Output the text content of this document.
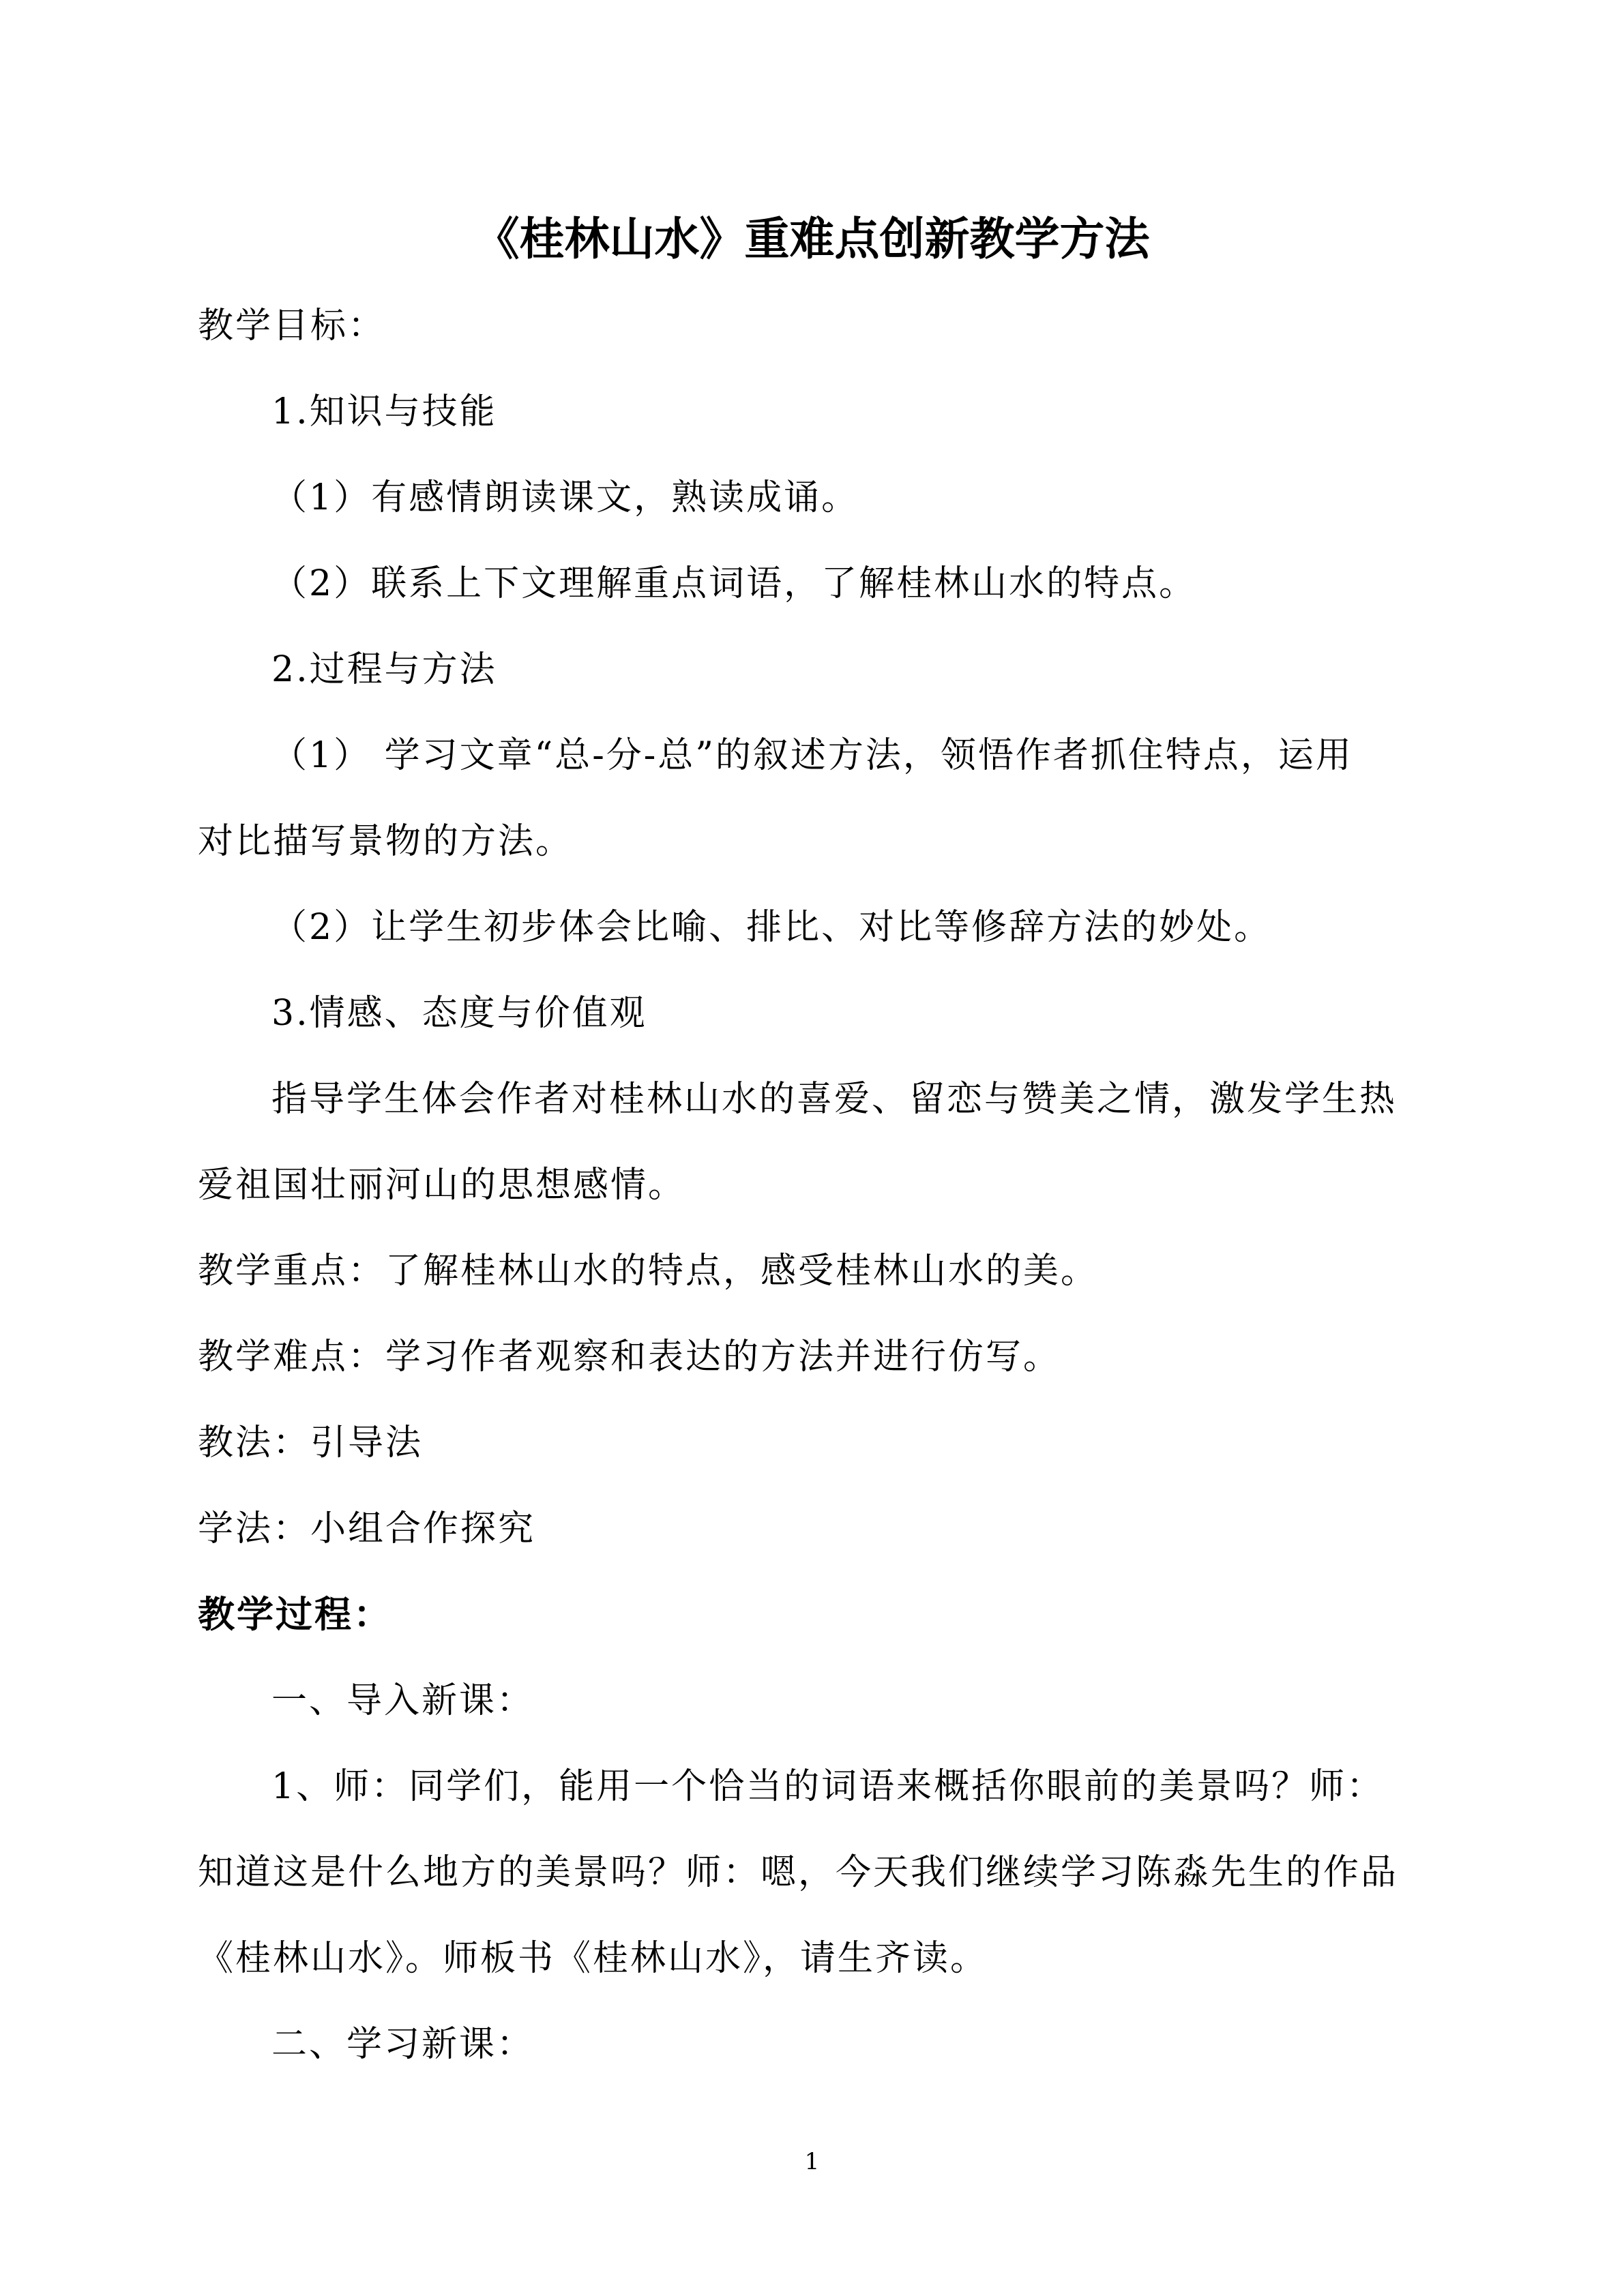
《桂林山水》重难点创新教学方法
教学目标：
1.知识与技能
（1）有感情朗读课文，熟读成诵。
（2）联系上下文理解重点词语，了解桂林山水的特点。
2.过程与方法
（1） 学习文章“总-分-总”的叙述方法，领悟作者抓住特点，运用
对比描写景物的方法。
（2）让学生初步体会比喻、排比、对比等修辞方法的妙处。
3.情感、态度与价值观
指导学生体会作者对桂林山水的喜爱、留恋与赞美之情，激发学生热
爱祖国壮丽河山的思想感情。
教学重点：了解桂林山水的特点，感受桂林山水的美。
教学难点：学习作者观察和表达的方法并进行仿写。
教法：引导法
学法：小组合作探究
教学过程：
一、导入新课：
1、师：同学们，能用一个恰当的词语来概括你眼前的美景吗？师：
知道这是什么地方的美景吗？师：嗯，今天我们继续学习陈淼先生的作品
《桂林山水》。师板书《桂林山水》，请生齐读。
二、学习新课：
1
